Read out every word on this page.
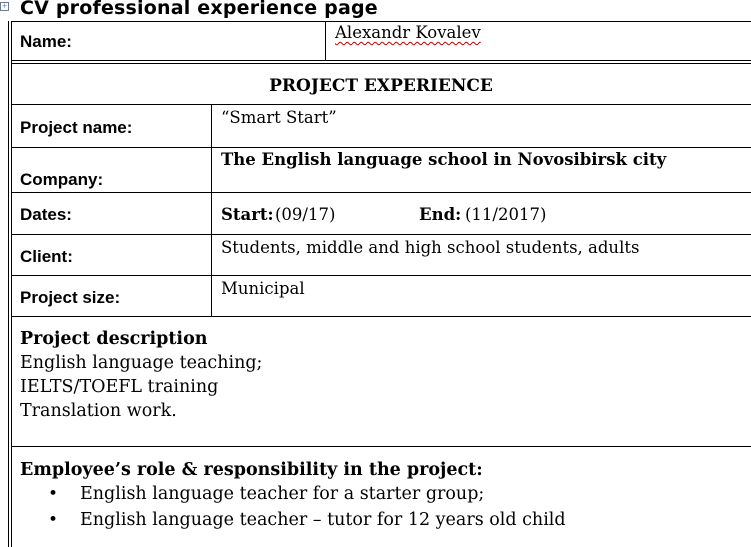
+ CV professional experience page
Name:	Alexandr Kovalev
PROJECT EXPERIENCE
Project name:
“Smart Start”
Company:
The English language school in Novosibirsk city
Dates:	Start: (09/17)	End: (11/2017)
Client:	Students, middle and high school students, adults
Project size:	Municipal
Project description
English language teaching;
IELTS/TOEFL training
Translation work.
Employee’s role & responsibility in the project:
• English language teacher for a starter group;
• English language teacher – tutor for 12 years old child
